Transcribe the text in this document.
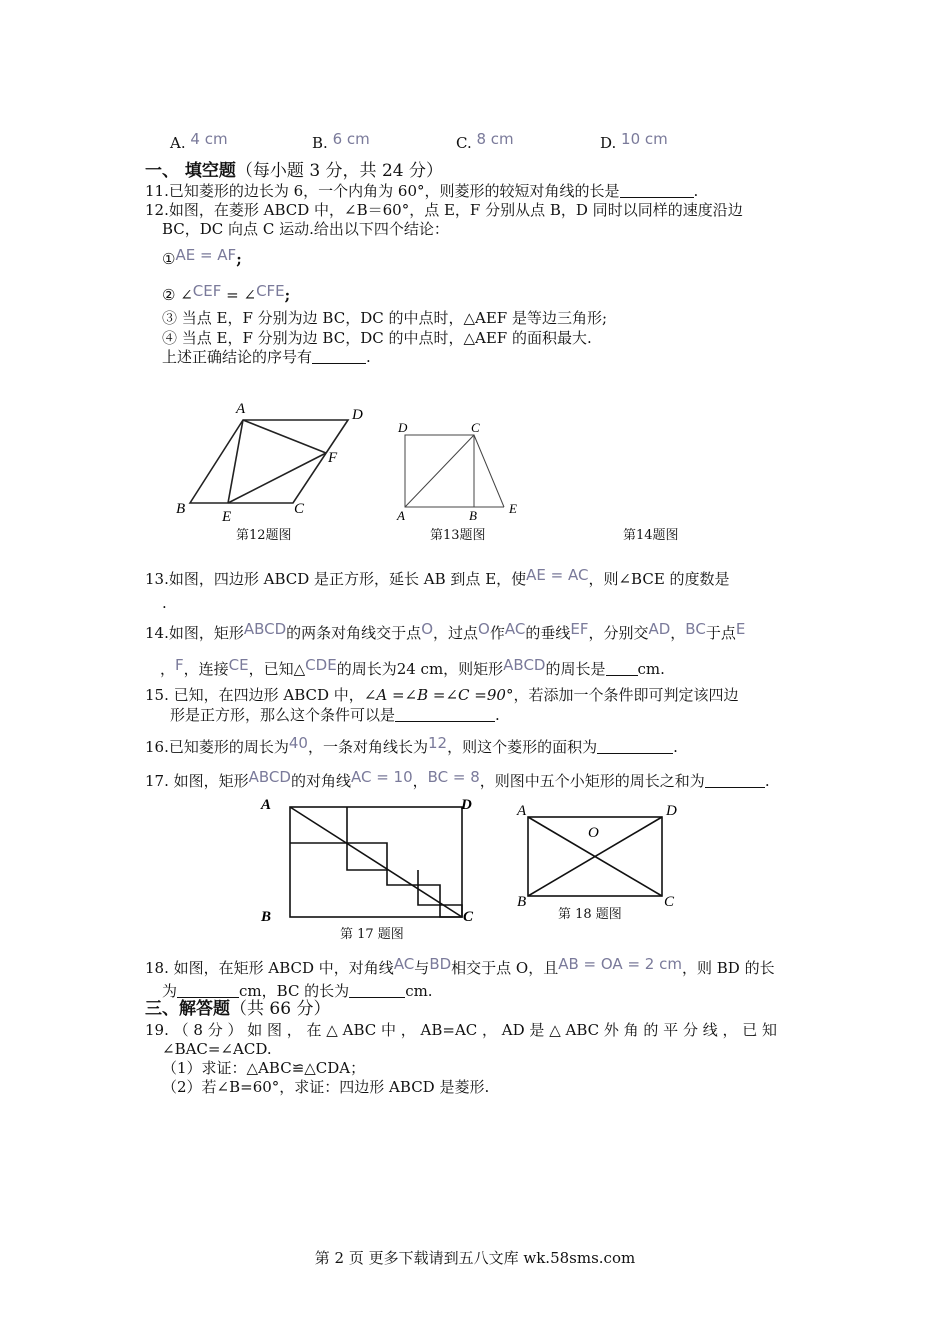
A. 4 cm	B. 6 cm	C. 8 cm	D. 10 cm
一、 填空题（每小题 3 分，共 24 分）
11.已知菱形的边长为 6，一个内角为 60°，则菱形的较短对角线的长是	.
12.如图，在菱形 ABCD 中，∠B＝60°，点 E，F 分别从点 B，D 同时以同样的速度沿边
BC，DC 向点 C 运动.给出以下四个结论：
①AE = AF;
② ∠CEF = ∠CFE;
③ 当点 E，F 分别为边 BC，DC 的中点时，△AEF 是等边三角形;
④ 当点 E，F 分别为边 BC，DC 的中点时，△AEF 的面积最大.
上述正确结论的序号有	.
A	D
F
B E	C
第12题图
D	C
A	B E
第13题图	第14题图
13.如图，四边形 ABCD 是正方形，延长 AB 到点 E，使AE = AC，则∠BCE 的度数是
.
14.如图，矩形ABCD的两条对角线交于点O，过点O作AC的垂线EF，分别交AD，BC于点E
，F，连接CE，已知△CDE的周长为24 cm，则矩形ABCD的周长是 cm.
15. 已知，在四边形 ABCD 中，∠A =∠B =∠C =90°，若添加一个条件即可判定该四边
形是正方形，那么这个条件可以是	.
16.已知菱形的周长为40，一条对角线长为12，则这个菱形的面积为	.
17. 如图，矩形ABCD的对角线AC = 10，BC = 8，则图中五个小矩形的周长之和为	.
A	D
B	C
第 17 题图
A	D
O
B	C
第 18 题图
18. 如图，在矩形 ABCD 中，对角线AC与BD相交于点 O，且AB = OA = 2 cm，则 BD 的长
为	cm，BC 的长为	cm.
三、解答题（共 66 分）
19. （ 8 分 ） 如 图 ， 在 △ ABC 中 ， AB=AC ， AD 是 △ ABC 外 角 的 平 分 线 ， 已 知
∠BAC=∠ACD.
（1）求证：△ABC≌△CDA；
（2）若∠B=60°，求证：四边形 ABCD 是菱形.
第 2 页 更多下载请到五八文库 wk.58sms.com
